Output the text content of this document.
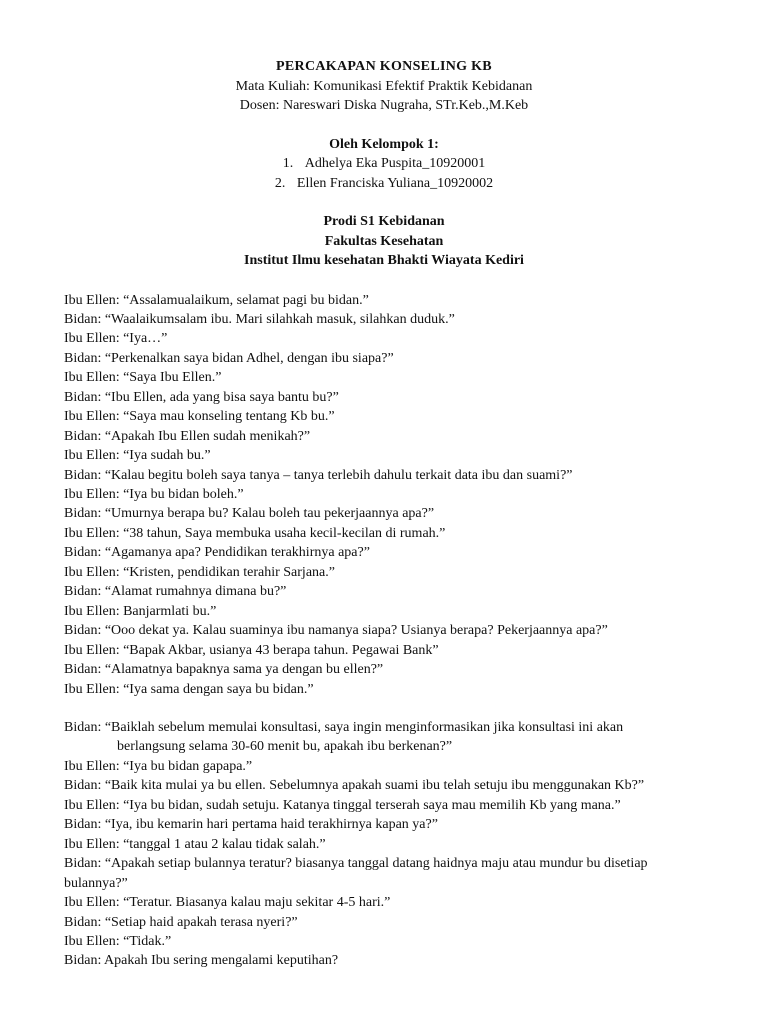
PERCAKAPAN KONSELING KB
Mata Kuliah: Komunikasi Efektif Praktik Kebidanan
Dosen: Nareswari Diska Nugraha, STr.Keb.,M.Keb
Oleh Kelompok 1:
1. Adhelya Eka Puspita_10920001
2. Ellen Franciska Yuliana_10920002
Prodi S1 Kebidanan
Fakultas Kesehatan
Institut Ilmu kesehatan Bhakti Wiayata Kediri
Ibu Ellen: “Assalamualaikum, selamat pagi bu bidan.”
Bidan: “Waalaikumsalam ibu. Mari silahkah masuk, silahkan duduk.”
Ibu Ellen: “Iya…”
Bidan: “Perkenalkan saya bidan Adhel, dengan ibu siapa?”
Ibu Ellen: “Saya Ibu Ellen.”
Bidan: “Ibu Ellen, ada yang bisa saya bantu bu?”
Ibu Ellen: “Saya mau konseling tentang Kb bu.”
Bidan: “Apakah Ibu Ellen sudah menikah?”
Ibu Ellen: “Iya sudah bu.”
Bidan: “Kalau begitu boleh saya tanya – tanya terlebih dahulu terkait data ibu dan suami?”
Ibu Ellen: “Iya bu bidan boleh.”
Bidan: “Umurnya berapa bu? Kalau boleh tau pekerjaannya apa?”
Ibu Ellen: “38 tahun, Saya membuka usaha kecil-kecilan di rumah.”
Bidan: “Agamanya apa? Pendidikan terakhirnya apa?”
Ibu Ellen: “Kristen, pendidikan terahir Sarjana.”
Bidan: “Alamat rumahnya dimana bu?”
Ibu Ellen: Banjarmlati bu.”
Bidan: “Ooo dekat ya. Kalau suaminya ibu namanya siapa? Usianya berapa? Pekerjaannya apa?”
Ibu Ellen: “Bapak Akbar, usianya 43 berapa tahun. Pegawai Bank”
Bidan: “Alamatnya bapaknya sama ya dengan bu ellen?”
Ibu Ellen: “Iya sama dengan saya bu bidan.”
Bidan: “Baiklah sebelum memulai konsultasi, saya ingin menginformasikan jika konsultasi ini akan
berlangsung selama 30-60 menit bu, apakah ibu berkenan?”
Ibu Ellen: “Iya bu bidan gapapa.”
Bidan: “Baik kita mulai ya bu ellen. Sebelumnya apakah suami ibu telah setuju ibu menggunakan Kb?”
Ibu Ellen: “Iya bu bidan, sudah setuju. Katanya tinggal terserah saya mau memilih Kb yang mana.”
Bidan: “Iya, ibu kemarin hari pertama haid terakhirnya kapan ya?”
Ibu Ellen: “tanggal 1 atau 2 kalau tidak salah.”
Bidan: “Apakah setiap bulannya teratur? biasanya tanggal datang haidnya maju atau mundur bu disetiap
bulannya?”
Ibu Ellen: “Teratur. Biasanya kalau maju sekitar 4-5 hari.”
Bidan: “Setiap haid apakah terasa nyeri?”
Ibu Ellen: “Tidak.”
Bidan: Apakah Ibu sering mengalami keputihan?
